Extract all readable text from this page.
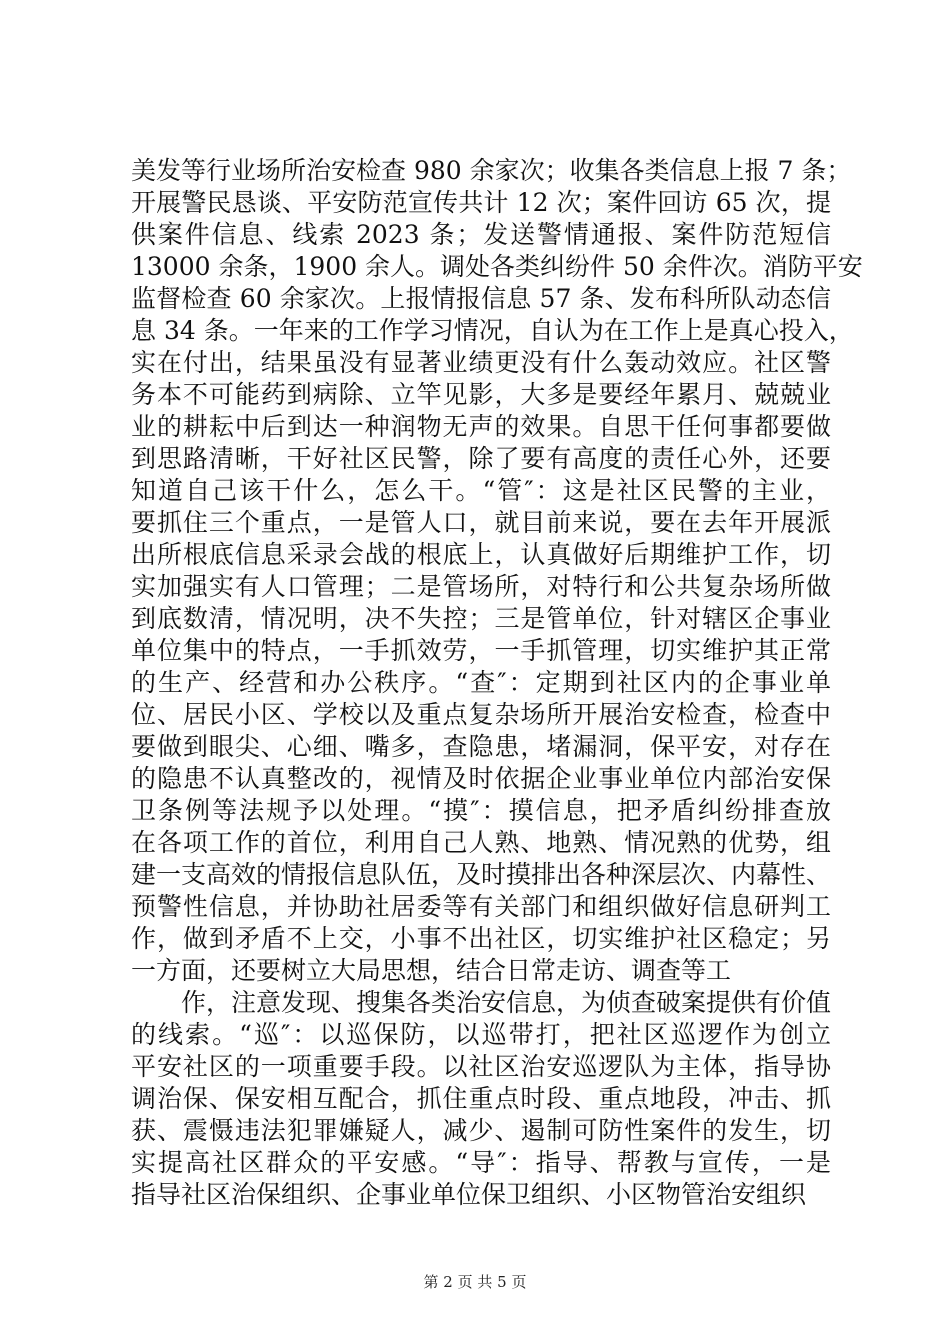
美发等行业场所治安检查 980 余家次；收集各类信息上报 7 条；
开展警民恳谈、平安防范宣传共计 12 次；案件回访 65 次，提
供案件信息、线索 2023 条；发送警情通报、案件防范短信
13000 余条，1900 余人。调处各类纠纷件 50 余件次。消防平安
监督检查 60 余家次。上报情报信息 57 条、发布科所队动态信
息 34 条。一年来的工作学习情况，自认为在工作上是真心投入，
实在付出，结果虽没有显著业绩更没有什么轰动效应。社区警
务本不可能药到病除、立竿见影，大多是要经年累月、兢兢业
业的耕耘中后到达一种润物无声的效果。自思干任何事都要做
到思路清晰，干好社区民警，除了要有高度的责任心外，还要
知道自己该干什么，怎么干。“管″：这是社区民警的主业，
要抓住三个重点，一是管人口，就目前来说，要在去年开展派
出所根底信息采录会战的根底上，认真做好后期维护工作，切
实加强实有人口管理；二是管场所，对特行和公共复杂场所做
到底数清，情况明，决不失控；三是管单位，针对辖区企事业
单位集中的特点，一手抓效劳，一手抓管理，切实维护其正常
的生产、经营和办公秩序。“查″：定期到社区内的企事业单
位、居民小区、学校以及重点复杂场所开展治安检查，检查中
要做到眼尖、心细、嘴多，查隐患，堵漏洞，保平安，对存在
的隐患不认真整改的，视情及时依据企业事业单位内部治安保
卫条例等法规予以处理。“摸″：摸信息，把矛盾纠纷排查放
在各项工作的首位，利用自己人熟、地熟、情况熟的优势，组
建一支高效的情报信息队伍，及时摸排出各种深层次、内幕性、
预警性信息，并协助社居委等有关部门和组织做好信息研判工
作，做到矛盾不上交，小事不出社区，切实维护社区稳定；另
一方面，还要树立大局思想，结合日常走访、调查等工
作，注意发现、搜集各类治安信息，为侦查破案提供有价值
的线索。“巡″：以巡保防，以巡带打，把社区巡逻作为创立
平安社区的一项重要手段。以社区治安巡逻队为主体，指导协
调治保、保安相互配合，抓住重点时段、重点地段，冲击、抓
获、震慑违法犯罪嫌疑人，减少、遏制可防性案件的发生，切
实提高社区群众的平安感。“导″：指导、帮教与宣传，一是
指导社区治保组织、企事业单位保卫组织、小区物管治安组织
第 2 页 共 5 页
